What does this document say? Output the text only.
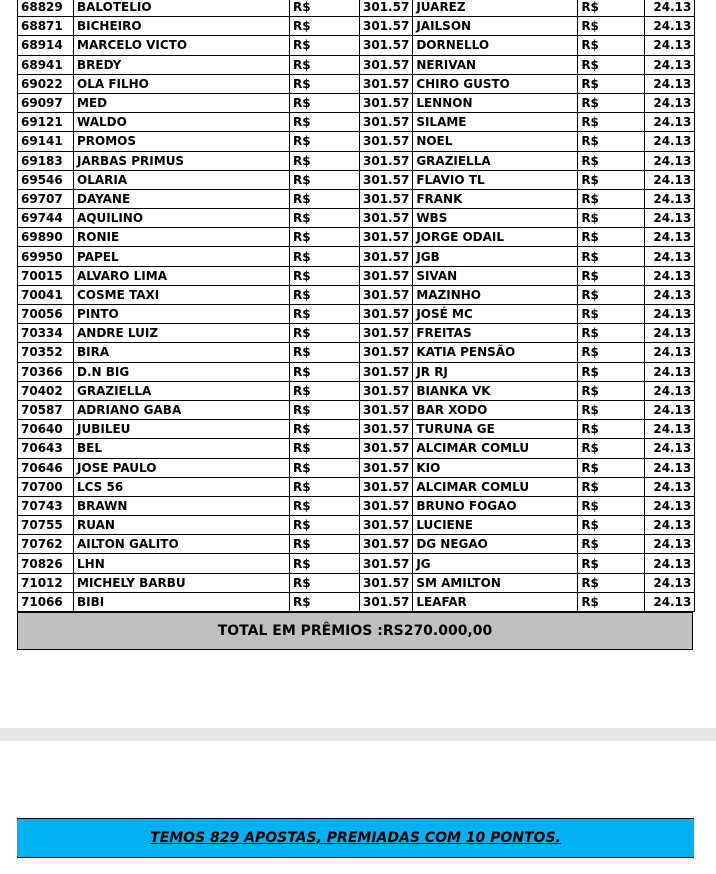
68829	BALOTELIO	R$	301.57	JUAREZ	R$	24.13
68871	BICHEIRO	R$	301.57	JAILSON	R$	24.13
68914	MARCELO VICTO	R$	301.57	DORNELLO	R$	24.13
68941	BREDY	R$	301.57	NERIVAN	R$	24.13
69022	OLA FILHO	R$	301.57	CHIRO GUSTO	R$	24.13
69097	MED	R$	301.57	LENNON	R$	24.13
69121	WALDO	R$	301.57	SILAME	R$	24.13
69141	PROMOS	R$	301.57	NOEL	R$	24.13
69183	JARBAS PRIMUS	R$	301.57	GRAZIELLA	R$	24.13
69546	OLARIA	R$	301.57	FLAVIO TL	R$	24.13
69707	DAYANE	R$	301.57	FRANK	R$	24.13
69744	AQUILINO	R$	301.57	WBS	R$	24.13
69890	RONIE	R$	301.57	JORGE ODAIL	R$	24.13
69950	PAPEL	R$	301.57	JGB	R$	24.13
70015	ALVARO LIMA	R$	301.57	SIVAN	R$	24.13
70041	COSME TAXI	R$	301.57	MAZINHO	R$	24.13
70056	PINTO	R$	301.57	JOSÉ MC	R$	24.13
70334	ANDRE LUIZ	R$	301.57	FREITAS	R$	24.13
70352	BIRA	R$	301.57	KATIA PENSÃO	R$	24.13
70366	D.N BIG	R$	301.57	JR RJ	R$	24.13
70402	GRAZIELLA	R$	301.57	BIANKA VK	R$	24.13
70587	ADRIANO GABA	R$	301.57	BAR XODO	R$	24.13
70640	JUBILEU	R$	301.57	TURUNA GE	R$	24.13
70643	BEL	R$	301.57	ALCIMAR COMLU	R$	24.13
70646	JOSE PAULO	R$	301.57	KIO	R$	24.13
70700	LCS 56	R$	301.57	ALCIMAR COMLU	R$	24.13
70743	BRAWN	R$	301.57	BRUNO FOGAO	R$	24.13
70755	RUAN	R$	301.57	LUCIENE	R$	24.13
70762	AILTON GALITO	R$	301.57	DG NEGAO	R$	24.13
70826	LHN	R$	301.57	JG	R$	24.13
71012	MICHELY BARBU	R$	301.57	SM AMILTON	R$	24.13
71066	BIBI	R$	301.57	LEAFAR	R$	24.13
TOTAL EM PRÊMIOS :RS270.000,00
TEMOS 829 APOSTAS, PREMIADAS COM 10 PONTOS.
